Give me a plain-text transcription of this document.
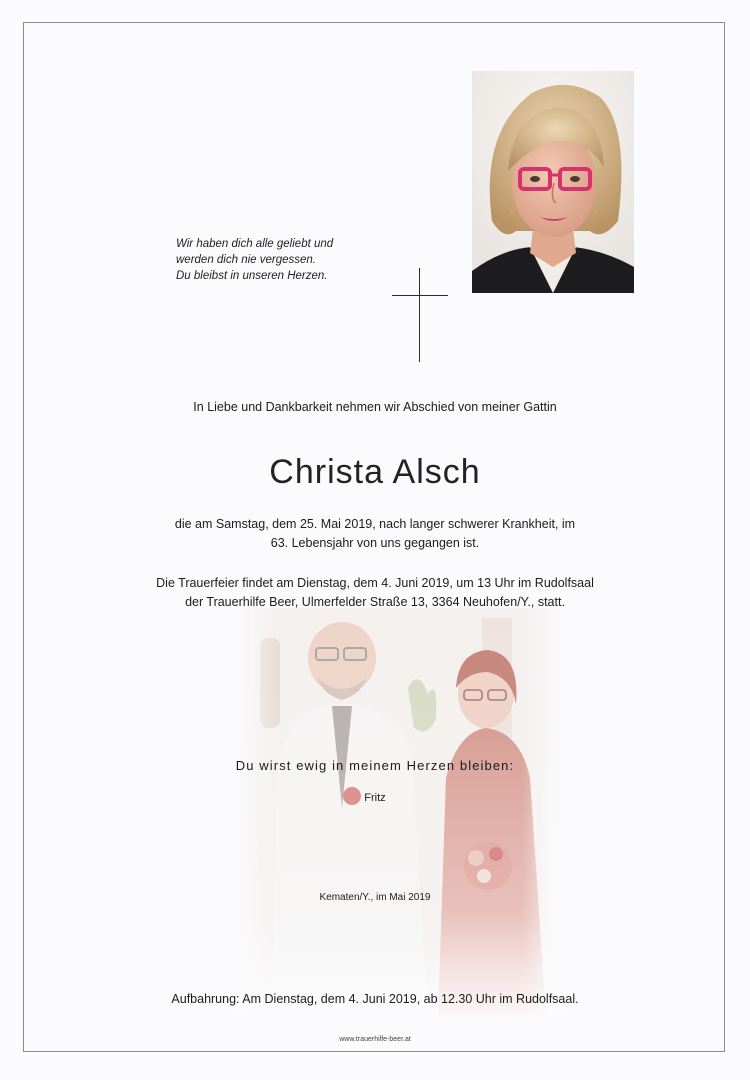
Wir haben dich alle geliebt und
werden dich nie vergessen.
Du bleibst in unseren Herzen.
In Liebe und Dankbarkeit nehmen wir Abschied von meiner Gattin
Christa Alsch
die am Samstag, dem 25. Mai 2019, nach langer schwerer Krankheit, im
63. Lebensjahr von uns gegangen ist.
Die Trauerfeier findet am Dienstag, dem 4. Juni 2019, um 13 Uhr im Rudolfsaal
der Trauerhilfe Beer, Ulmerfelder Straße 13, 3364 Neuhofen/Y., statt.
Du wirst ewig in meinem Herzen bleiben:
Fritz
Kematen/Y., im Mai 2019
Aufbahrung: Am Dienstag, dem 4. Juni 2019, ab 12.30 Uhr im Rudolfsaal.
www.trauerhilfe-beer.at
